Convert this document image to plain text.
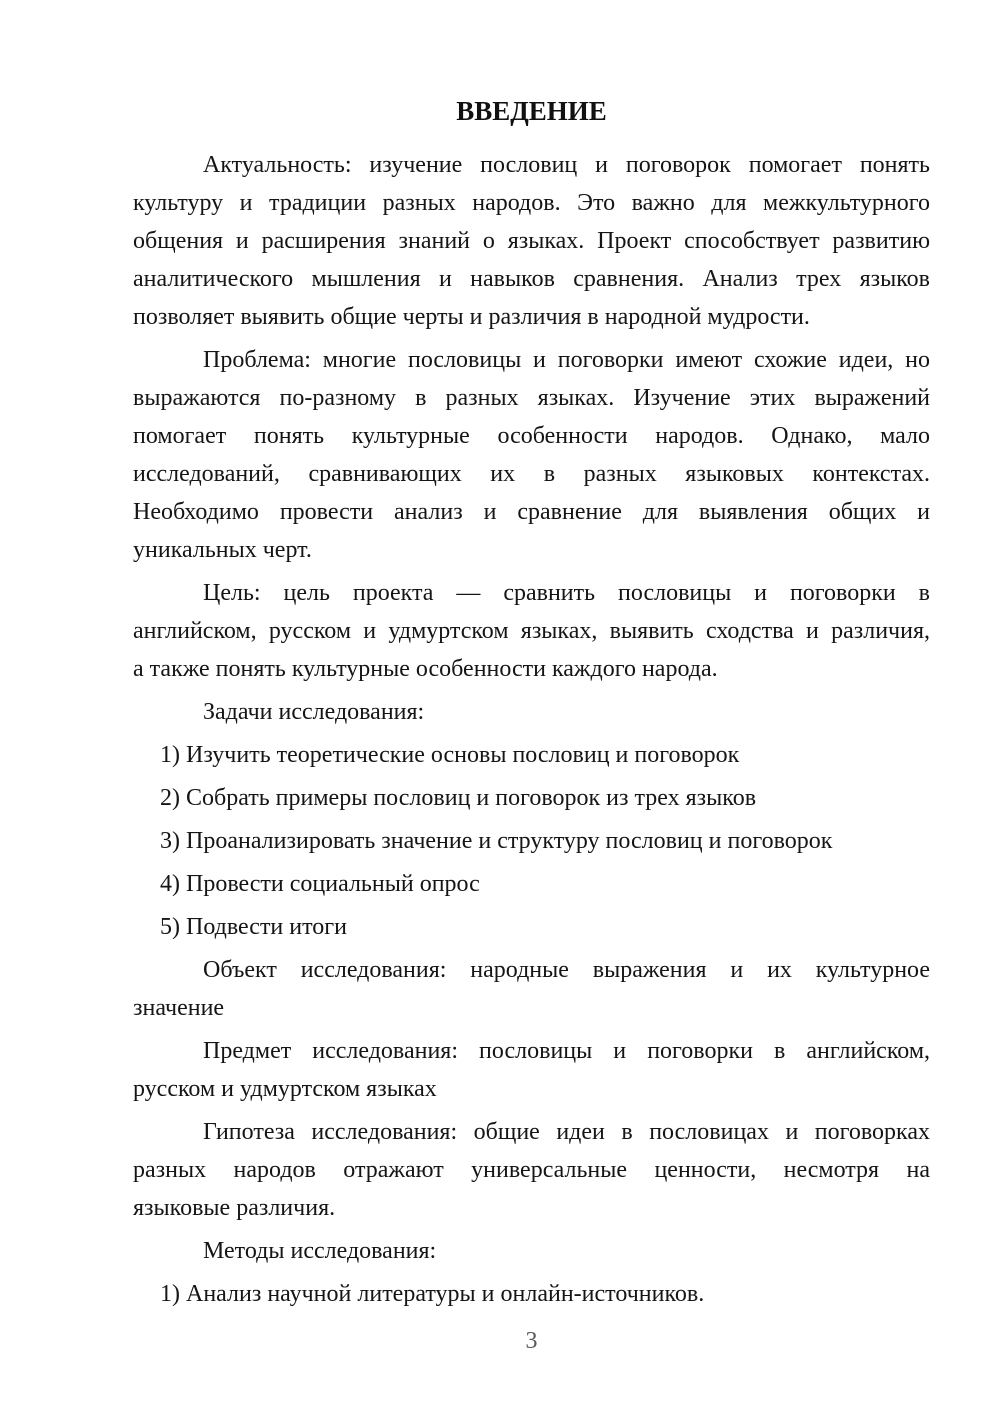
ВВЕДЕНИЕ
Актуальность: изучение пословиц и поговорок помогает понять
культуру и традиции разных народов. Это важно для межкультурного
общения и расширения знаний о языках. Проект способствует развитию
аналитического мышления и навыков сравнения. Анализ трех языков
позволяет выявить общие черты и различия в народной мудрости.
Проблема: многие пословицы и поговорки имеют схожие идеи, но
выражаются по-разному в разных языках. Изучение этих выражений
помогает понять культурные особенности народов. Однако, мало
исследований, сравнивающих их в разных языковых контекстах.
Необходимо провести анализ и сравнение для выявления общих и
уникальных черт.
Цель: цель проекта — сравнить пословицы и поговорки в
английском, русском и удмуртском языках, выявить сходства и различия,
а также понять культурные особенности каждого народа.
Задачи исследования:
1) Изучить теоретические основы пословиц и поговорок
2) Собрать примеры пословиц и поговорок из трех языков
3) Проанализировать значение и структуру пословиц и поговорок
4) Провести социальный опрос
5) Подвести итоги
Объект исследования: народные выражения и их культурное
значение
Предмет исследования: пословицы и поговорки в английском,
русском и удмуртском языках
Гипотеза исследования: общие идеи в пословицах и поговорках
разных народов отражают универсальные ценности, несмотря на
языковые различия.
Методы исследования:
1) Анализ научной литературы и онлайн-источников.
3
